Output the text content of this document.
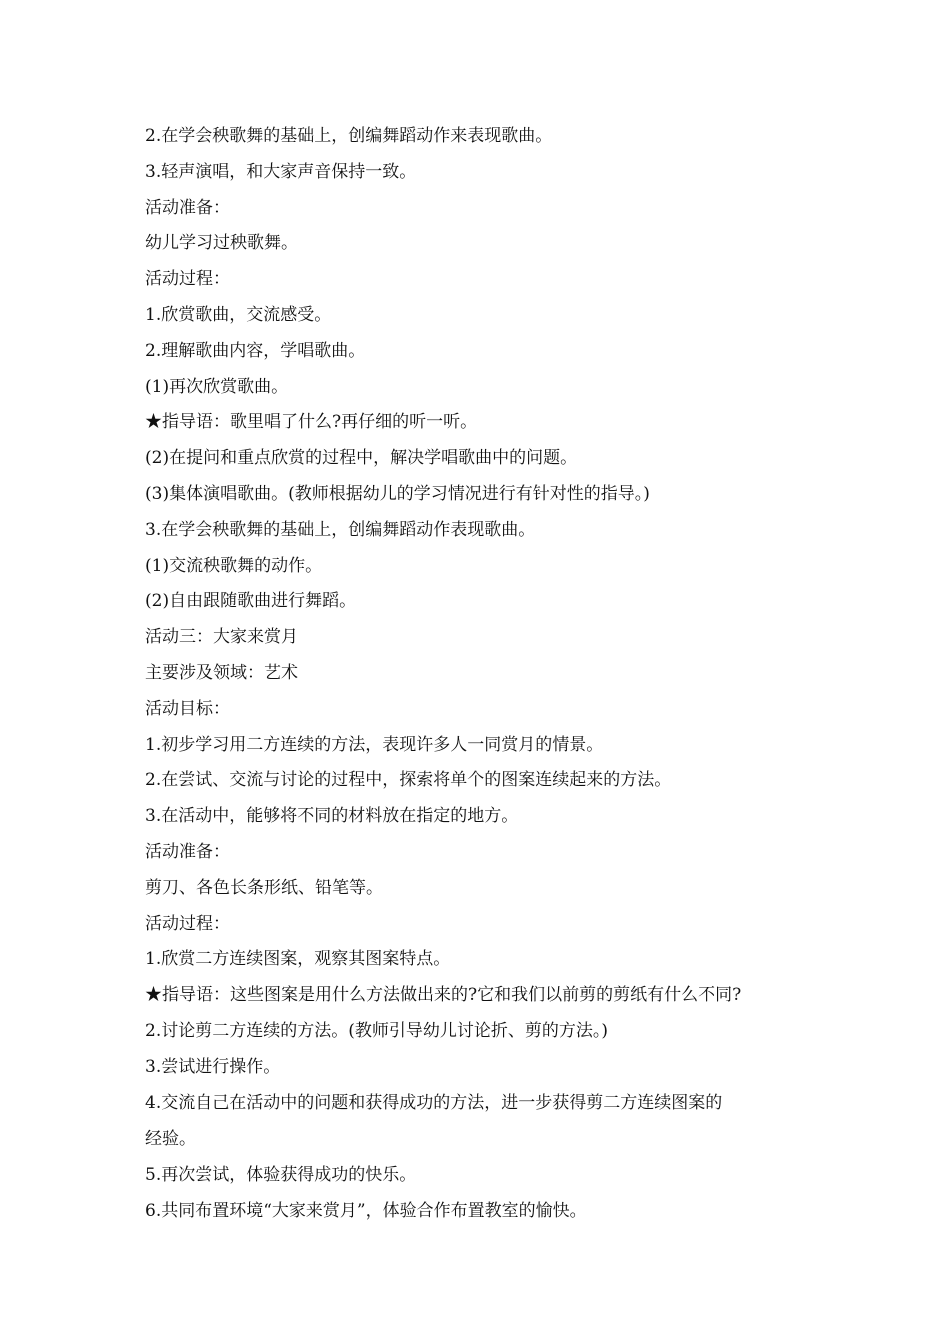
2.在学会秧歌舞的基础上，创编舞蹈动作来表现歌曲。
3.轻声演唱，和大家声音保持一致。
活动准备：
幼儿学习过秧歌舞。
活动过程：
1.欣赏歌曲，交流感受。
2.理解歌曲内容，学唱歌曲。
(1)再次欣赏歌曲。
★指导语：歌里唱了什么?再仔细的听一听。
(2)在提问和重点欣赏的过程中，解决学唱歌曲中的问题。
(3)集体演唱歌曲。(教师根据幼儿的学习情况进行有针对性的指导。)
3.在学会秧歌舞的基础上，创编舞蹈动作表现歌曲。
(1)交流秧歌舞的动作。
(2)自由跟随歌曲进行舞蹈。
活动三：大家来赏月
主要涉及领域：艺术
活动目标：
1.初步学习用二方连续的方法，表现许多人一同赏月的情景。
2.在尝试、交流与讨论的过程中，探索将单个的图案连续起来的方法。
3.在活动中，能够将不同的材料放在指定的地方。
活动准备：
剪刀、各色长条形纸、铅笔等。
活动过程：
1.欣赏二方连续图案，观察其图案特点。
★指导语：这些图案是用什么方法做出来的?它和我们以前剪的剪纸有什么不同?
2.讨论剪二方连续的方法。(教师引导幼儿讨论折、剪的方法。)
3.尝试进行操作。
4.交流自己在活动中的问题和获得成功的方法，进一步获得剪二方连续图案的
经验。
5.再次尝试，体验获得成功的快乐。
6.共同布置环境“大家来赏月”，体验合作布置教室的愉快。
